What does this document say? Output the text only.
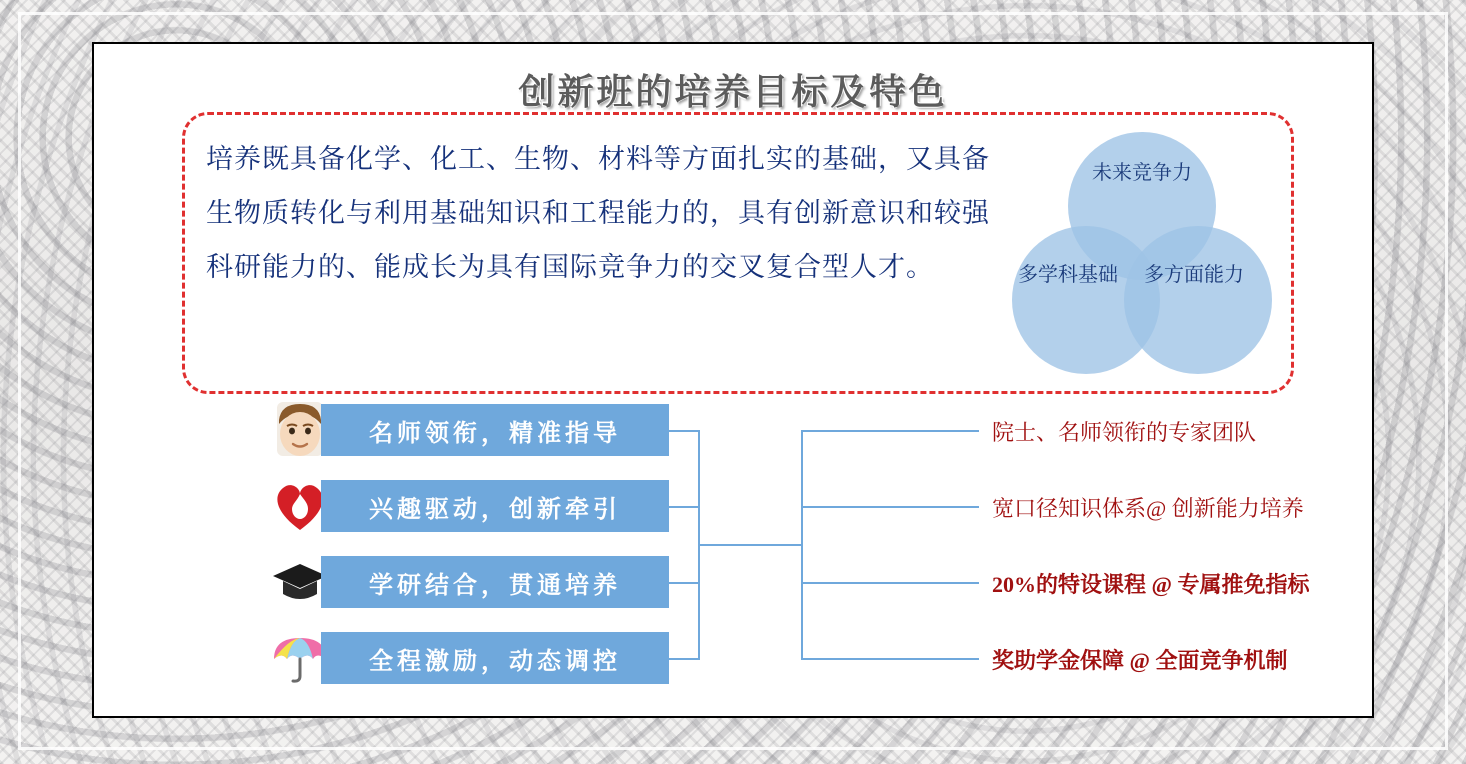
创新班的培养目标及特色
培养既具备化学、化工、生物、材料等方面扎实的基础，又具备生物质转化与利用基础知识和工程能力的，具有创新意识和较强科研能力的、能成长为具有国际竞争力的交叉复合型人才。
未来竞争力
多学科基础	多方面能力
名师领衔，精准指导
兴趣驱动，创新牵引
学研结合，贯通培养
全程激励，动态调控
院士、名师领衔的专家团队
宽口径知识体系@ 创新能力培养
20%的特设课程 @ 专属推免指标
奖助学金保障 @ 全面竞争机制
